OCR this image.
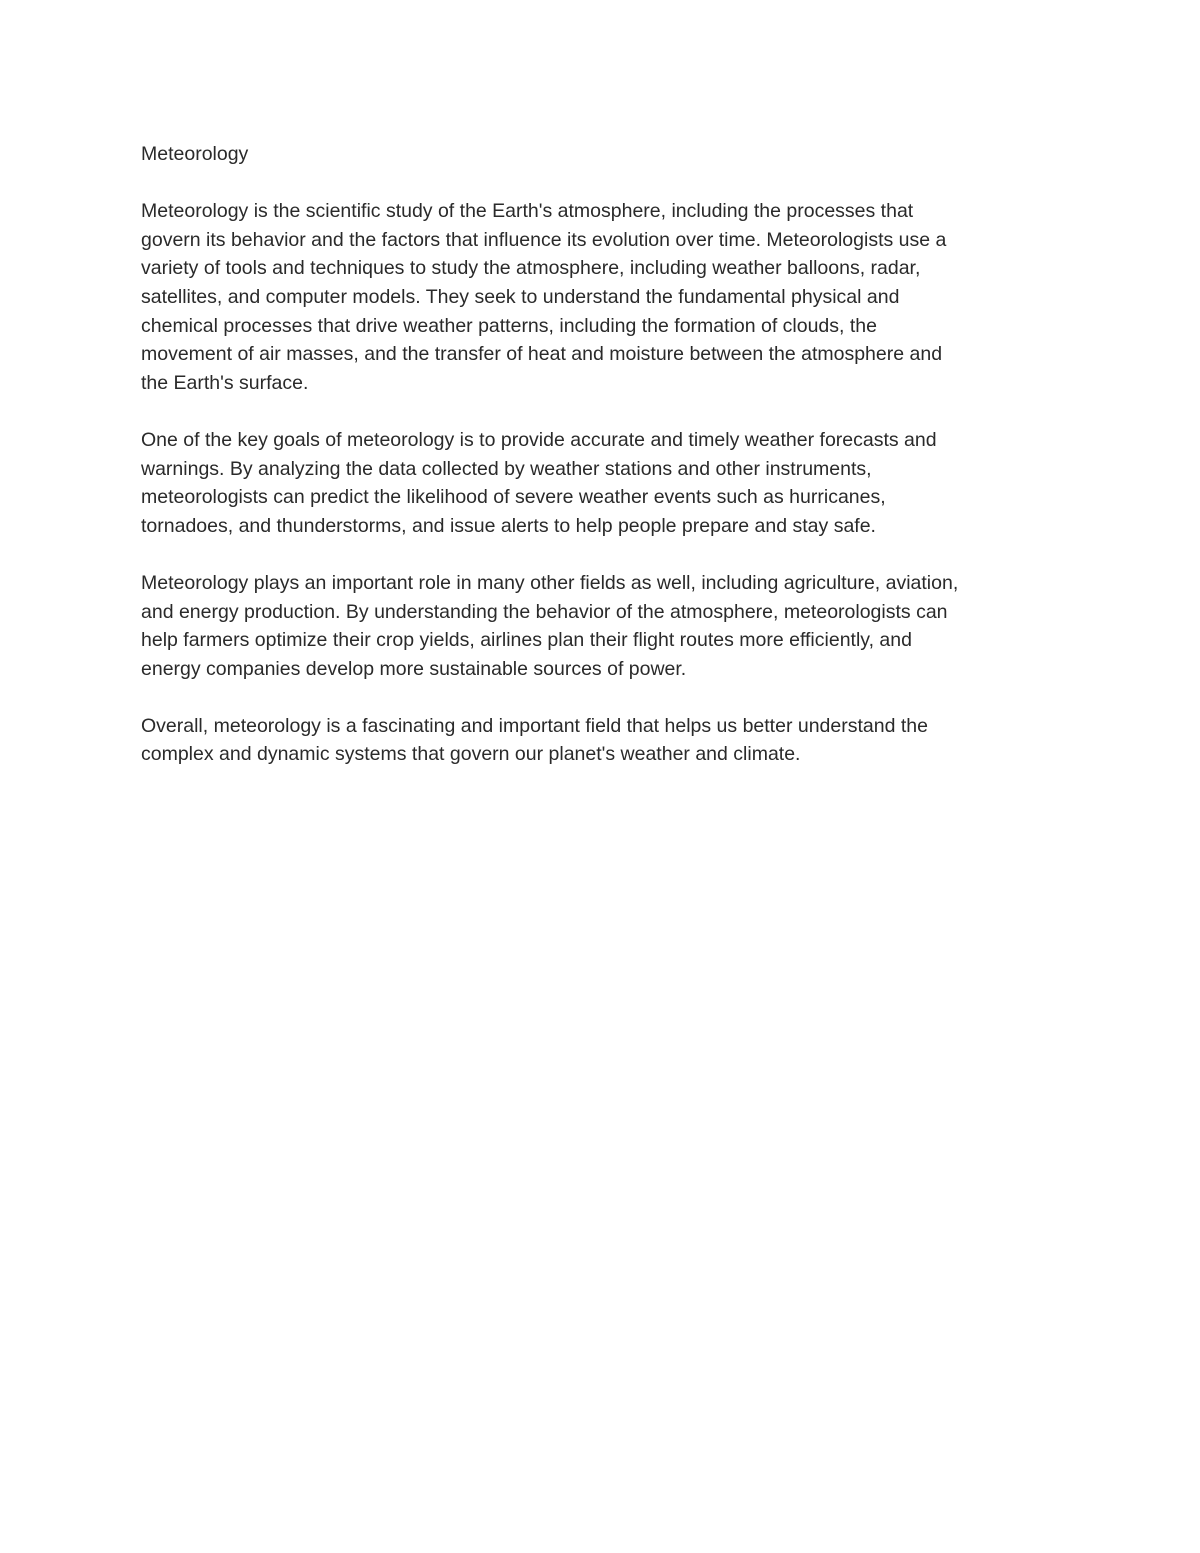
Meteorology

Meteorology is the scientific study of the Earth's atmosphere, including the processes that
govern its behavior and the factors that influence its evolution over time. Meteorologists use a
variety of tools and techniques to study the atmosphere, including weather balloons, radar,
satellites, and computer models. They seek to understand the fundamental physical and
chemical processes that drive weather patterns, including the formation of clouds, the
movement of air masses, and the transfer of heat and moisture between the atmosphere and
the Earth's surface.

One of the key goals of meteorology is to provide accurate and timely weather forecasts and
warnings. By analyzing the data collected by weather stations and other instruments,
meteorologists can predict the likelihood of severe weather events such as hurricanes,
tornadoes, and thunderstorms, and issue alerts to help people prepare and stay safe.

Meteorology plays an important role in many other fields as well, including agriculture, aviation,
and energy production. By understanding the behavior of the atmosphere, meteorologists can
help farmers optimize their crop yields, airlines plan their flight routes more efficiently, and
energy companies develop more sustainable sources of power.

Overall, meteorology is a fascinating and important field that helps us better understand the
complex and dynamic systems that govern our planet's weather and climate.
